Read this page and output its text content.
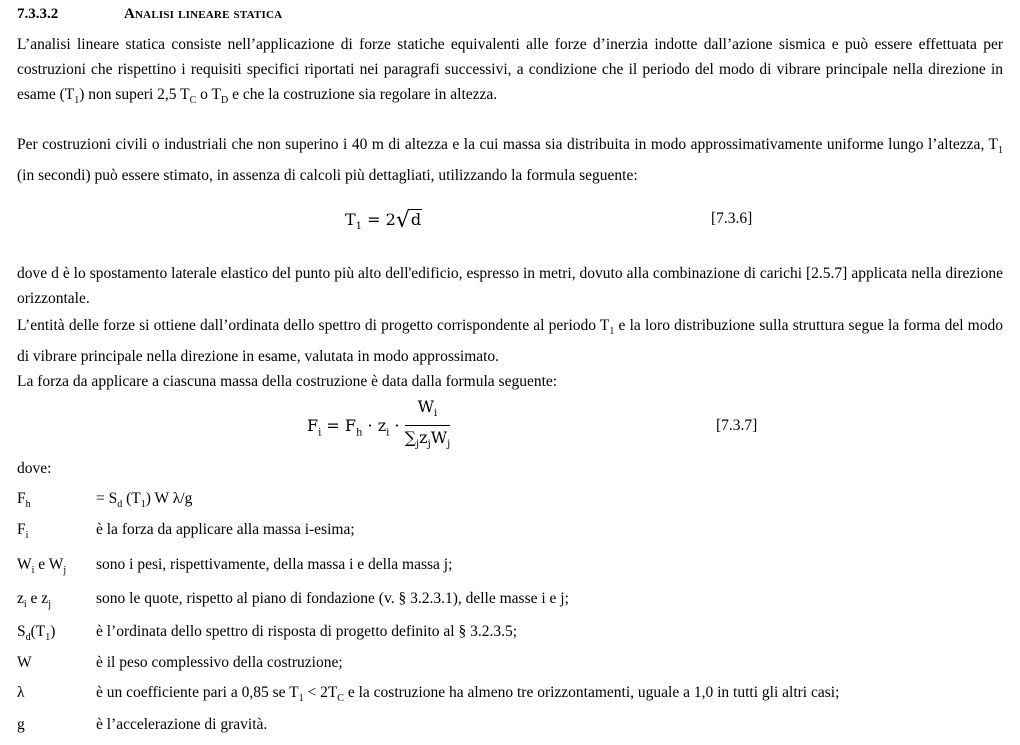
7.3.3.2	Analisi lineare statica
L’analisi lineare statica consiste nell’applicazione di forze statiche equivalenti alle forze d’inerzia indotte dall’azione sismica e può essere effettuata per costruzioni che rispettino i requisiti specifici riportati nei paragrafi successivi, a condizione che il periodo del modo di vibrare principale nella direzione in esame $(T_1)$ non superi 2,5 $T_C$ o $T_D$ e che la costruzione sia regolare in altezza.
Per costruzioni civili o industriali che non superino i 40 m di altezza e la cui massa sia distribuita in modo approssimativamente uniforme lungo l’altezza, $T_1$ (in secondi) può essere stimato, in assenza di calcoli più dettagliati, utilizzando la formula seguente:
$T_1 = 2√d$	[7.3.6]
dove d è lo spostamento laterale elastico del punto più alto dell'edificio, espresso in metri, dovuto alla combinazione di carichi [2.5.7] applicata nella direzione orizzontale.
L’entità delle forze si ottiene dall’ordinata dello spettro di progetto corrispondente al periodo $T_1$ e la loro distribuzione sulla struttura segue la forma del modo di vibrare principale nella direzione in esame, valutata in modo approssimato.
La forza da applicare a ciascuna massa della costruzione è data dalla formula seguente:
$F_i = F_h \cdot z_i \cdot \frac{W_i}{\sum_jz_jW_j}$	[7.3.7]
dove:
$F_h$	= $S_d$ $(T_1)$ W λ/g
$F_i$	è la forza da applicare alla massa i-esima;
$W_i$ e $W_j$ sono i pesi, rispettivamente, della massa i e della massa j;
$z_i$ e $z_j$	sono le quote, rispetto al piano di fondazione (v. § 3.2.3.1), delle masse i e j;
$S_d(T_1)$	è l’ordinata dello spettro di risposta di progetto definito al § 3.2.3.5;
W	è il peso complessivo della costruzione;
λ	è un coefficiente pari a 0,85 se $T_1 < 2T_C$ e la costruzione ha almeno tre orizzontamenti, uguale a 1,0 in tutti gli altri casi;
g	è l’accelerazione di gravità.
